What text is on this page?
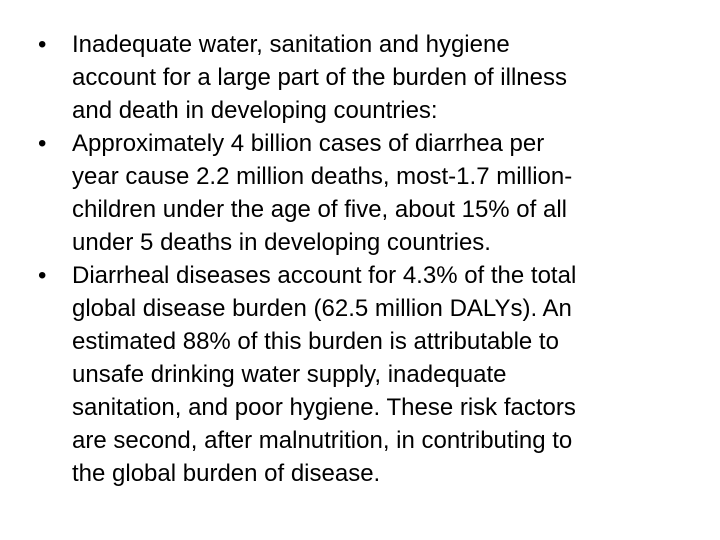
• Inadequate water, sanitation and hygiene
account for a large part of the burden of illness
and death in developing countries:
• Approximately 4 billion cases of diarrhea per
year cause 2.2 million deaths, most-1.7 million-
children under the age of five, about 15% of all
under 5 deaths in developing countries.
• Diarrheal diseases account for 4.3% of the total
global disease burden (62.5 million DALYs). An
estimated 88% of this burden is attributable to
unsafe drinking water supply, inadequate
sanitation, and poor hygiene. These risk factors
are second, after malnutrition, in contributing to
the global burden of disease.
